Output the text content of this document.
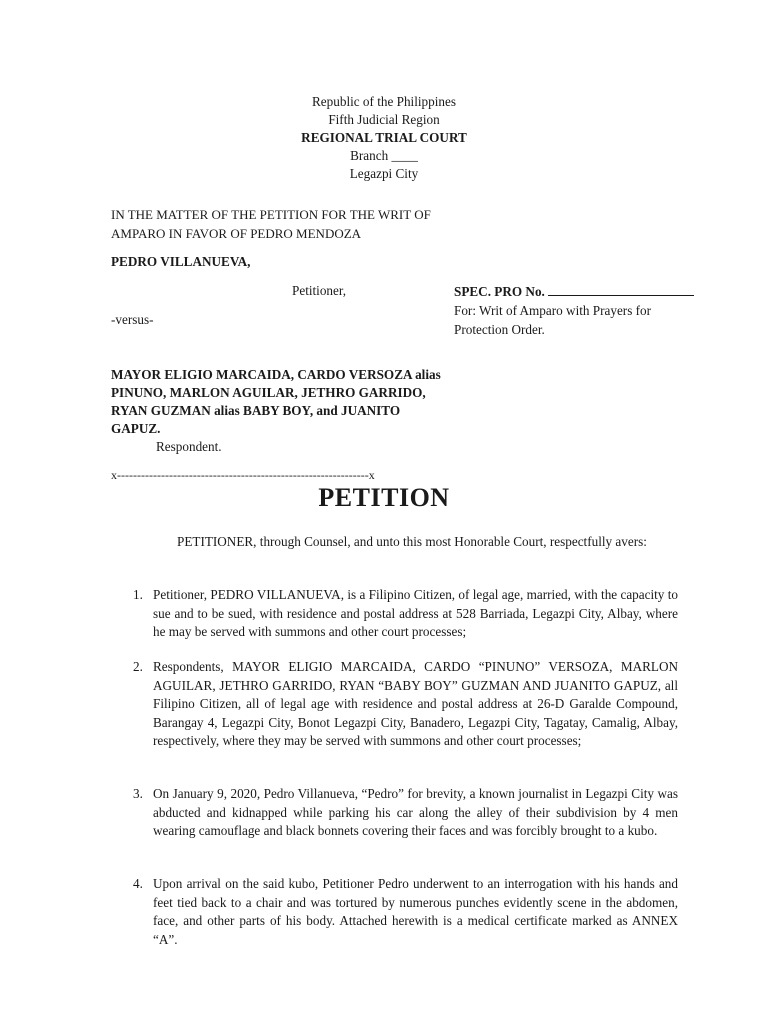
Republic of the Philippines
Fifth Judicial Region
REGIONAL TRIAL COURT
Branch ____
Legazpi City
IN THE MATTER OF THE PETITION FOR THE WRIT OF AMPARO IN FAVOR OF PEDRO MENDOZA
PEDRO VILLANUEVA,
Petitioner,	SPEC. PRO No.
For: Writ of Amparo with Prayers for Protection Order.
-versus-
MAYOR ELIGIO MARCAIDA, CARDO VERSOZA alias PINUNO, MARLON AGUILAR, JETHRO GARRIDO, RYAN GUZMAN alias BABY BOY, and JUANITO GAPUZ.
Respondent.
x---------------------------------------------------------------x
PETITION
PETITIONER, through Counsel, and unto this most Honorable Court, respectfully avers:
1. Petitioner, PEDRO VILLANUEVA, is a Filipino Citizen, of legal age, married, with the capacity to sue and to be sued, with residence and postal address at 528 Barriada, Legazpi City, Albay, where he may be served with summons and other court processes;
2. Respondents, MAYOR ELIGIO MARCAIDA, CARDO “PINUNO” VERSOZA, MARLON AGUILAR, JETHRO GARRIDO, RYAN “BABY BOY” GUZMAN AND JUANITO GAPUZ, all Filipino Citizen, all of legal age with residence and postal address at 26-D Garalde Compound, Barangay 4, Legazpi City, Bonot Legazpi City, Banadero, Legazpi City, Tagatay, Camalig, Albay, respectively, where they may be served with summons and other court processes;
3. On January 9, 2020, Pedro Villanueva, “Pedro” for brevity, a known journalist in Legazpi City was abducted and kidnapped while parking his car along the alley of their subdivision by 4 men wearing camouflage and black bonnets covering their faces and was forcibly brought to a kubo.
4. Upon arrival on the said kubo, Petitioner Pedro underwent to an interrogation with his hands and feet tied back to a chair and was tortured by numerous punches evidently scene in the abdomen, face, and other parts of his body. Attached herewith is a medical certificate marked as ANNEX “A”.
